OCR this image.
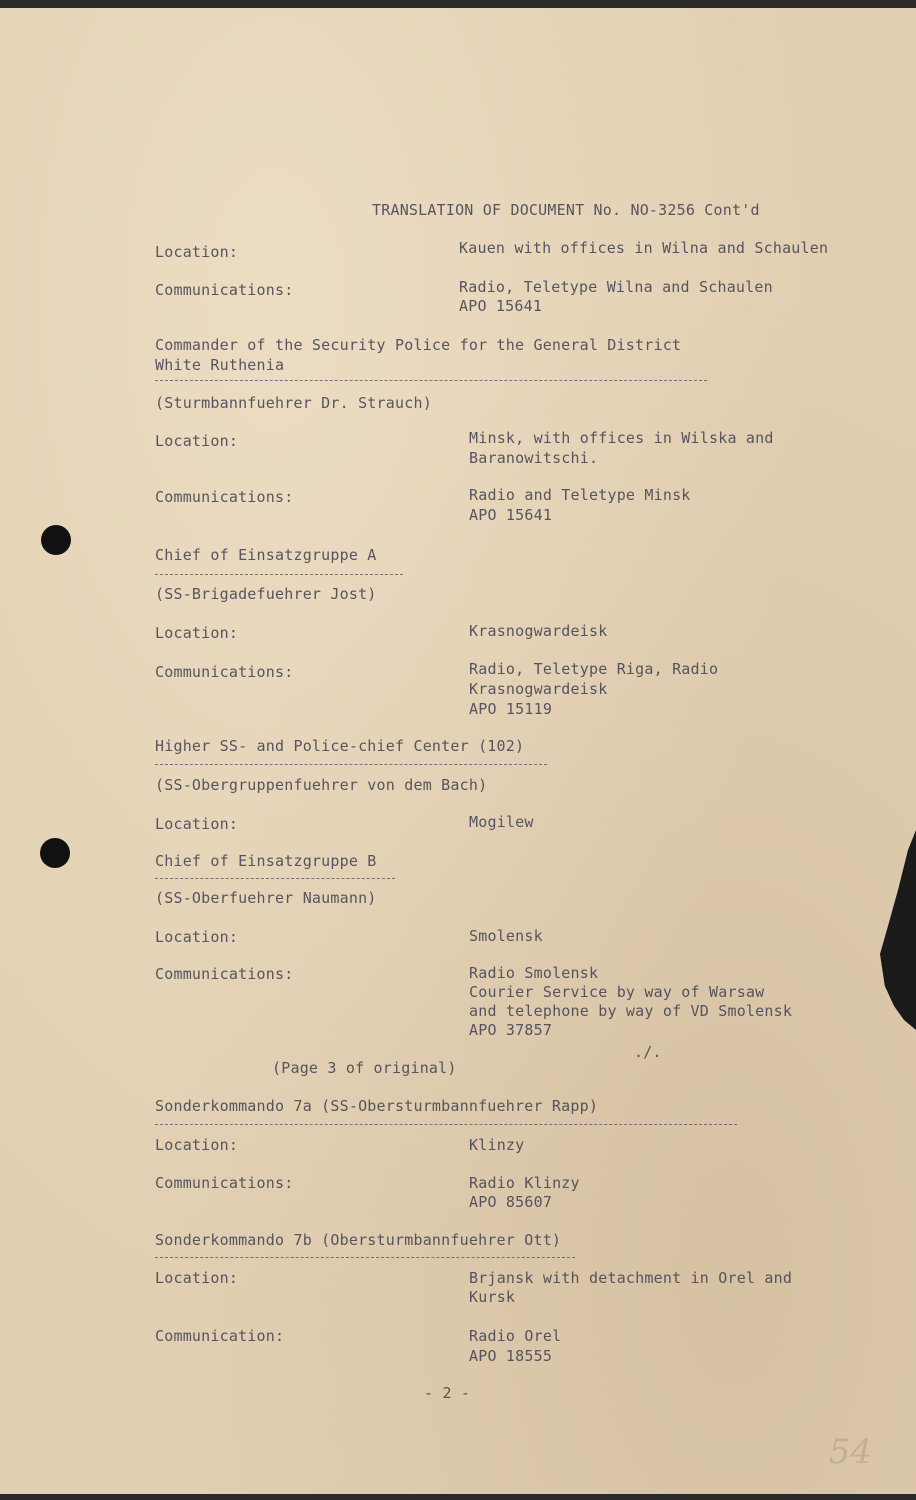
TRANSLATION OF DOCUMENT No. NO-3256 Cont'd
Location:	Kauen with offices in Wilna and Schaulen
Communications:	Radio, Teletype Wilna and Schaulen
APO 15641
Commander of the Security Police for the General District
White Ruthenia
(Sturmbannfuehrer Dr. Strauch)
Location:	Minsk, with offices in Wilska and
Baranowitschi.
Communications:	Radio and Teletype Minsk
APO 15641
Chief of Einsatzgruppe A
(SS-Brigadefuehrer Jost)
Location:	Krasnogwardeisk
Communications:	Radio, Teletype Riga, Radio
Krasnogwardeisk
APO 15119
Higher SS- and Police-chief Center (102)
(SS-Obergruppenfuehrer von dem Bach)
Location:	Mogilew
Chief of Einsatzgruppe B
(SS-Oberfuehrer Naumann)
Location:	Smolensk
Communications:	Radio Smolensk
Courier Service by way of Warsaw
and telephone by way of VD Smolensk
APO 37857
./.
(Page 3 of original)
Sonderkommando 7a (SS-Obersturmbannfuehrer Rapp)
Location:	Klinzy
Communications:	Radio Klinzy
APO 85607
Sonderkommando 7b (Obersturmbannfuehrer Ott)
Location:	Brjansk with detachment in Orel and
Kursk
Communication:	Radio Orel
APO 18555
- 2 -
54
